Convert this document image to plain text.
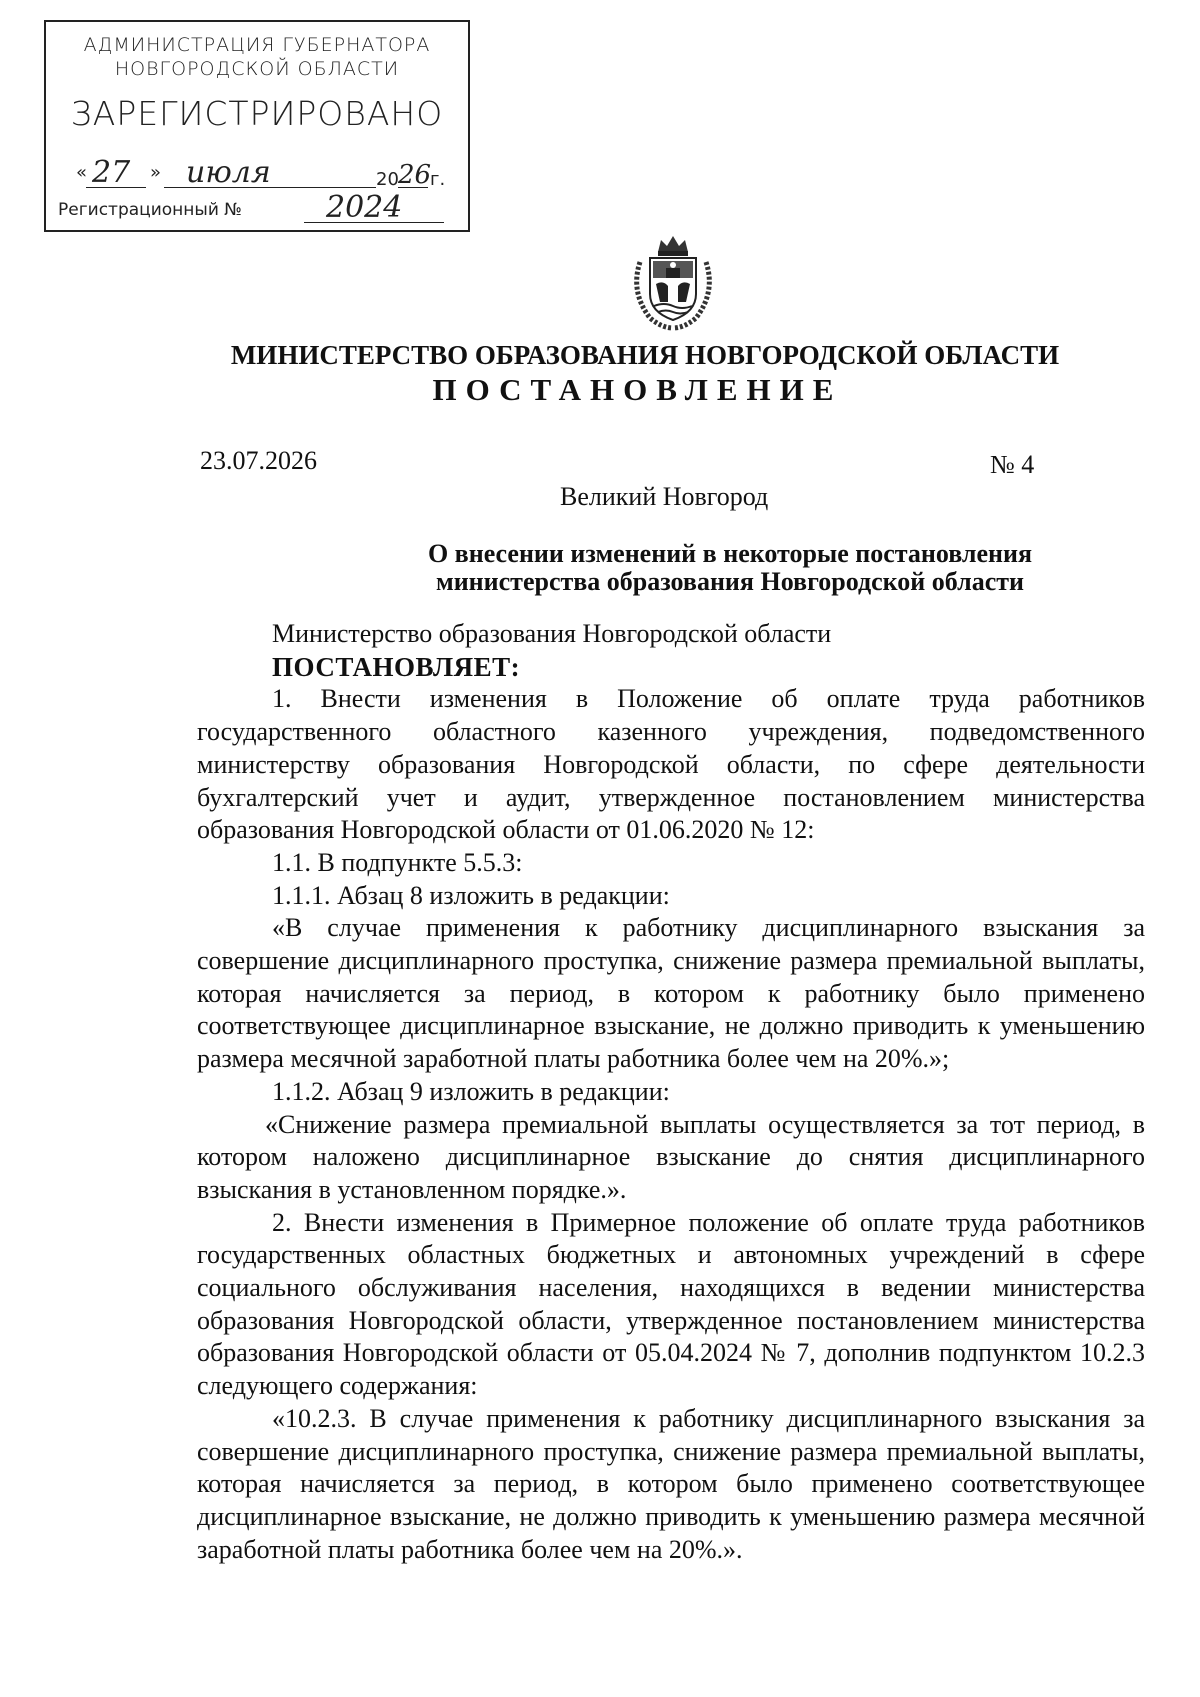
АДМИНИСТРАЦИЯ ГУБЕРНАТОРА
НОВГОРОДСКОЙ ОБЛАСТИ
ЗАРЕГИСТРИРОВАНО
« 27 » июля	20 26
г.
Регистрационный №	2024
МИНИСТЕРСТВО ОБРАЗОВАНИЯ НОВГОРОДСКОЙ ОБЛАСТИ
ПОСТАНОВЛЕНИЕ
23.07.2026	№ 4
Великий Новгород
О внесении изменений в некоторые постановления
министерства образования Новгородской области

Министерство образования Новгородской области

ПОСТАНОВЛЯЕТ:

1. Внести изменения в Положение об оплате труда работников государственного областного казенного учреждения, подведомственного министерству образования Новгородской области, по сфере деятельности бухгалтерский учет и аудит, утвержденное постановлением министерства образования Новгородской области от 01.06.2020 № 12:

1.1. В подпункте 5.5.3:

1.1.1. Абзац 8 изложить в редакции:

«В случае применения к работнику дисциплинарного взыскания за совершение дисциплинарного проступка, снижение размера премиальной выплаты, которая начисляется за период, в котором к работнику было применено соответствующее дисциплинарное взыскание, не должно приводить к уменьшению размера месячной заработной платы работника более чем на 20%.»;

1.1.2. Абзац 9 изложить в редакции:

«Снижение размера премиальной выплаты осуществляется за тот период, в котором наложено дисциплинарное взыскание до снятия дисциплинарного взыскания в установленном порядке.».

2. Внести изменения в Примерное положение об оплате труда работников государственных областных бюджетных и автономных учреждений в сфере социального обслуживания населения, находящихся в ведении министерства образования Новгородской области, утвержденное постановлением министерства образования Новгородской области от 05.04.2024 № 7, дополнив подпунктом 10.2.3 следующего содержания:

«10.2.3. В случае применения к работнику дисциплинарного взыскания за совершение дисциплинарного проступка, снижение размера премиальной выплаты, которая начисляется за период, в котором было применено соответствующее дисциплинарное взыскание, не должно приводить к уменьшению размера месячной заработной платы работника более чем на 20%.».
